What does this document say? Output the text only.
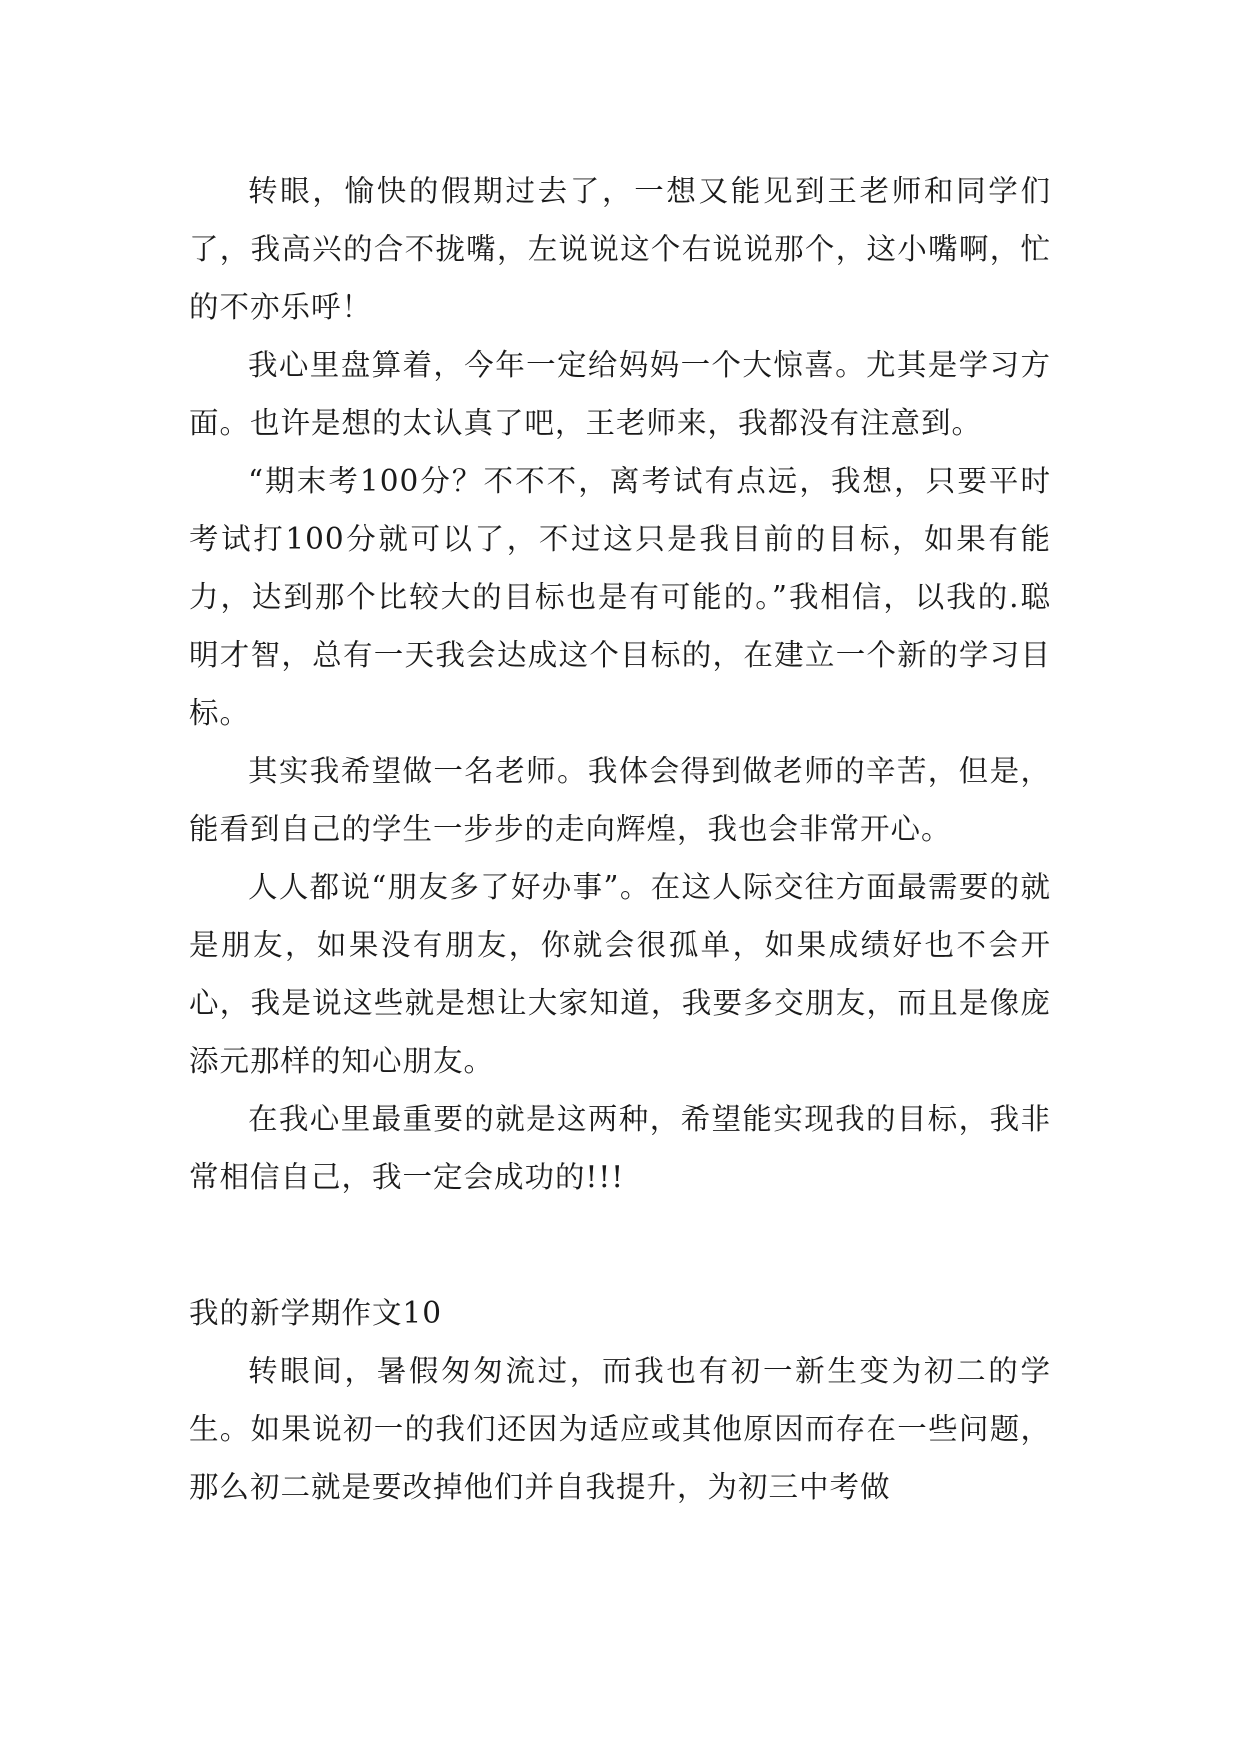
转眼，愉快的假期过去了，一想又能见到王老师和同学们了，我高兴的合不拢嘴，左说说这个右说说那个，这小嘴啊，忙的不亦乐呼！

我心里盘算着，今年一定给妈妈一个大惊喜。尤其是学习方面。也许是想的太认真了吧，王老师来，我都没有注意到。

“期末考100分？不不不，离考试有点远，我想，只要平时考试打100分就可以了，不过这只是我目前的目标，如果有能力，达到那个比较大的目标也是有可能的。”我相信，以我的.聪明才智，总有一天我会达成这个目标的，在建立一个新的学习目标。

其实我希望做一名老师。我体会得到做老师的辛苦，但是，能看到自己的学生一步步的走向辉煌，我也会非常开心。

人人都说“朋友多了好办事”。在这人际交往方面最需要的就是朋友，如果没有朋友，你就会很孤单，如果成绩好也不会开心，我是说这些就是想让大家知道，我要多交朋友，而且是像庞添元那样的知心朋友。

在我心里最重要的就是这两种，希望能实现我的目标，我非常相信自己，我一定会成功的!!!

我的新学期作文10

转眼间，暑假匆匆流过，而我也有初一新生变为初二的学生。如果说初一的我们还因为适应或其他原因而存在一些问题，那么初二就是要改掉他们并自我提升，为初三中考做
